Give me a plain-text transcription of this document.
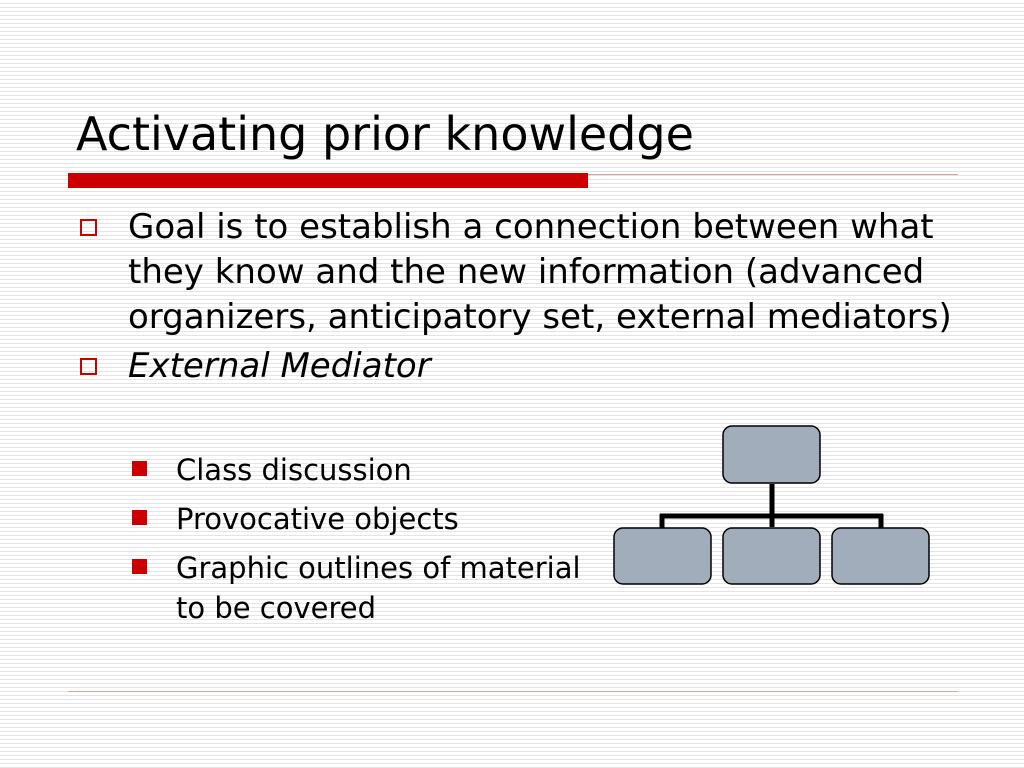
Activating prior knowledge
Goal is to establish a connection between what they know and the new information (advanced organizers, anticipatory set, external mediators)
External Mediator
Class discussion
Provocative objects
Graphic outlines of material to be covered
